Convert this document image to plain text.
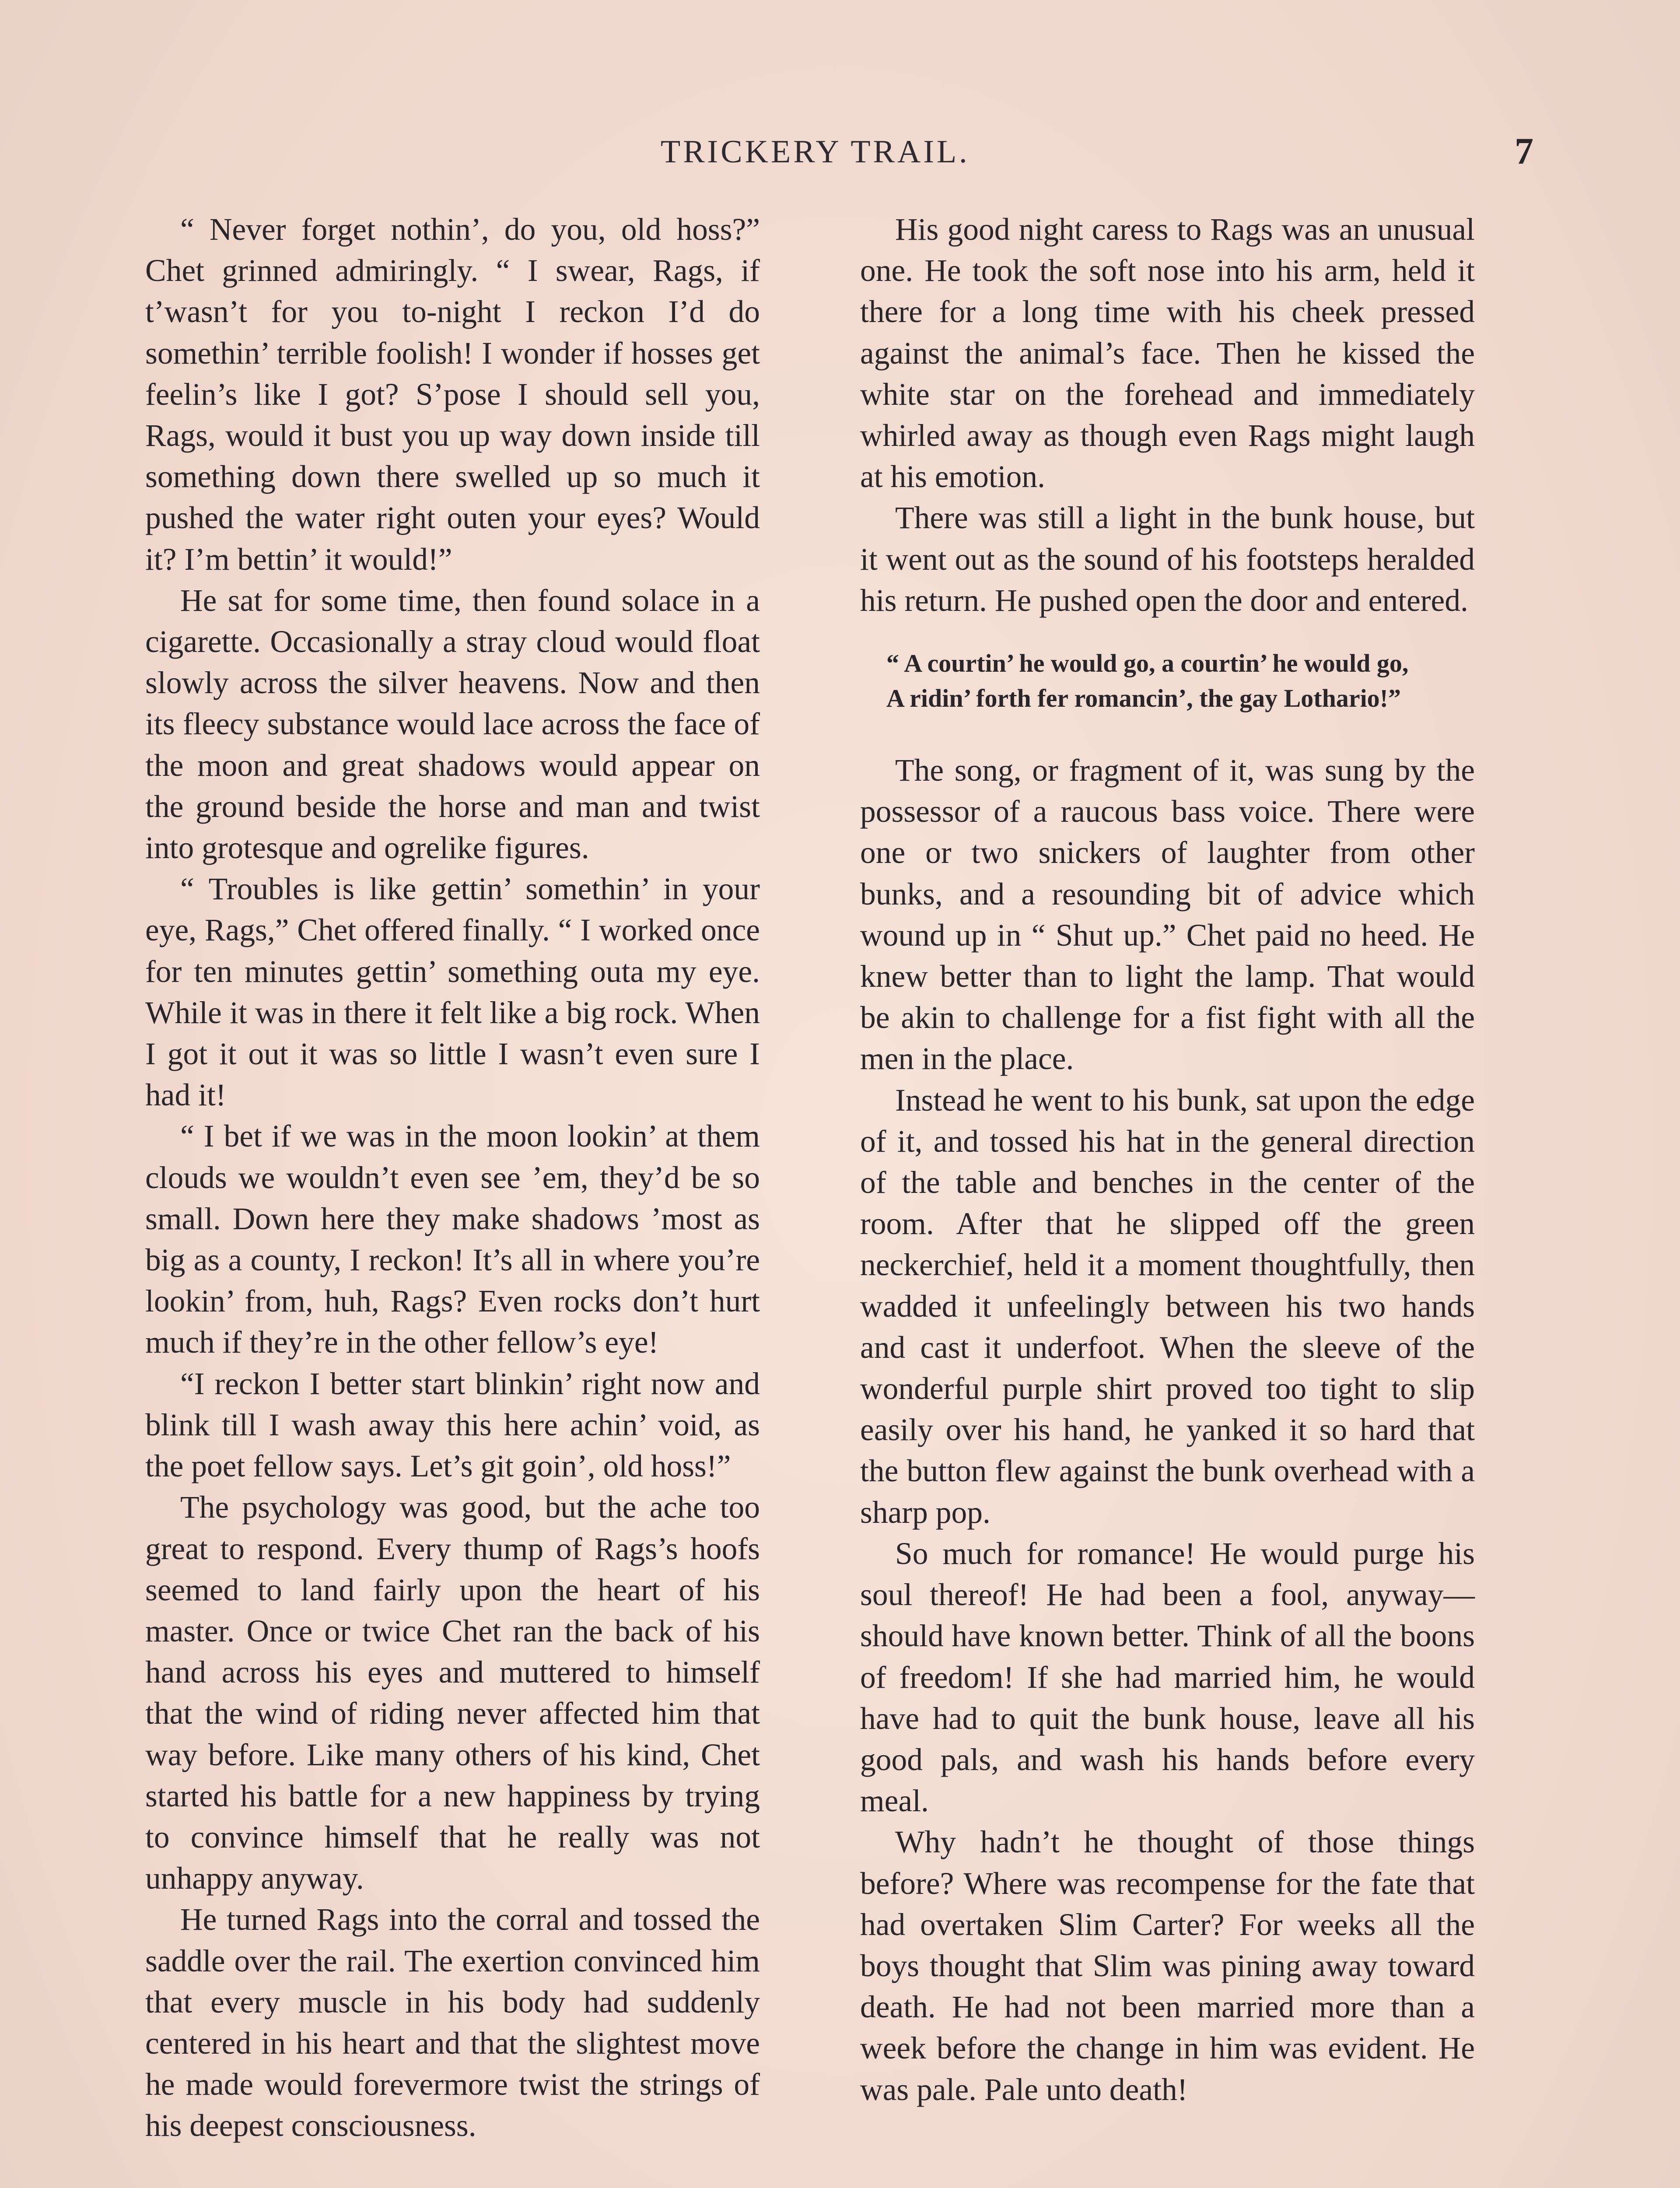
TRICKERY TRAIL.	7

“ Never forget nothin’, do you, old hoss?” Chet grinned admiringly. “ I swear, Rags, if t’wasn’t for you to-night I reckon I’d do somethin’ terrible foolish! I wonder if hosses get feelin’s like I got? S’pose I should sell you, Rags, would it bust you up way down inside till something down there swelled up so much it pushed the water right outen your eyes? Would it? I’m bettin’ it would!”

He sat for some time, then found solace in a cigarette. Occasionally a stray cloud would float slowly across the silver heavens. Now and then its fleecy substance would lace across the face of the moon and great shadows would appear on the ground beside the horse and man and twist into grotesque and ogrelike figures.

“ Troubles is like gettin’ somethin’ in your eye, Rags,” Chet offered finally. “ I worked once for ten minutes gettin’ something outa my eye. While it was in there it felt like a big rock. When I got it out it was so little I wasn’t even sure I had it!

“ I bet if we was in the moon lookin’ at them clouds we wouldn’t even see ’em, they’d be so small. Down here they make shadows ’most as big as a county, I reckon! It’s all in where you’re lookin’ from, huh, Rags? Even rocks don’t hurt much if they’re in the other fellow’s eye!

“I reckon I better start blinkin’ right now and blink till I wash away this here achin’ void, as the poet fellow says. Let’s git goin’, old hoss!”

The psychology was good, but the ache too great to respond. Every thump of Rags’s hoofs seemed to land fairly upon the heart of his master. Once or twice Chet ran the back of his hand across his eyes and muttered to himself that the wind of riding never affected him that way before. Like many others of his kind, Chet started his battle for a new happiness by trying to convince himself that he really was not unhappy anyway.

He turned Rags into the corral and tossed the saddle over the rail. The exertion convinced him that every muscle in his body had suddenly centered in his heart and that the slightest move he made would forevermore twist the strings of his deepest consciousness.

His good night caress to Rags was an unusual one. He took the soft nose into his arm, held it there for a long time with his cheek pressed against the animal’s face. Then he kissed the white star on the forehead and immediately whirled away as though even Rags might laugh at his emotion.

There was still a light in the bunk house, but it went out as the sound of his footsteps heralded his return. He pushed open the door and entered.

“ A courtin’ he would go, a courtin’ he would go,
A ridin’ forth fer romancin’, the gay Lothario!”

The song, or fragment of it, was sung by the possessor of a raucous bass voice. There were one or two snickers of laughter from other bunks, and a resounding bit of advice which wound up in “ Shut up.” Chet paid no heed. He knew better than to light the lamp. That would be akin to challenge for a fist fight with all the men in the place.

Instead he went to his bunk, sat upon the edge of it, and tossed his hat in the general direction of the table and benches in the center of the room. After that he slipped off the green neckerchief, held it a moment thoughtfully, then wadded it unfeelingly between his two hands and cast it underfoot. When the sleeve of the wonderful purple shirt proved too tight to slip easily over his hand, he yanked it so hard that the button flew against the bunk overhead with a sharp pop.

So much for romance! He would purge his soul thereof! He had been a fool, anyway—should have known better. Think of all the boons of freedom! If she had married him, he would have had to quit the bunk house, leave all his good pals, and wash his hands before every meal.

Why hadn’t he thought of those things before? Where was recompense for the fate that had overtaken Slim Carter? For weeks all the boys thought that Slim was pining away toward death. He had not been married more than a week before the change in him was evident. He was pale. Pale unto death!
